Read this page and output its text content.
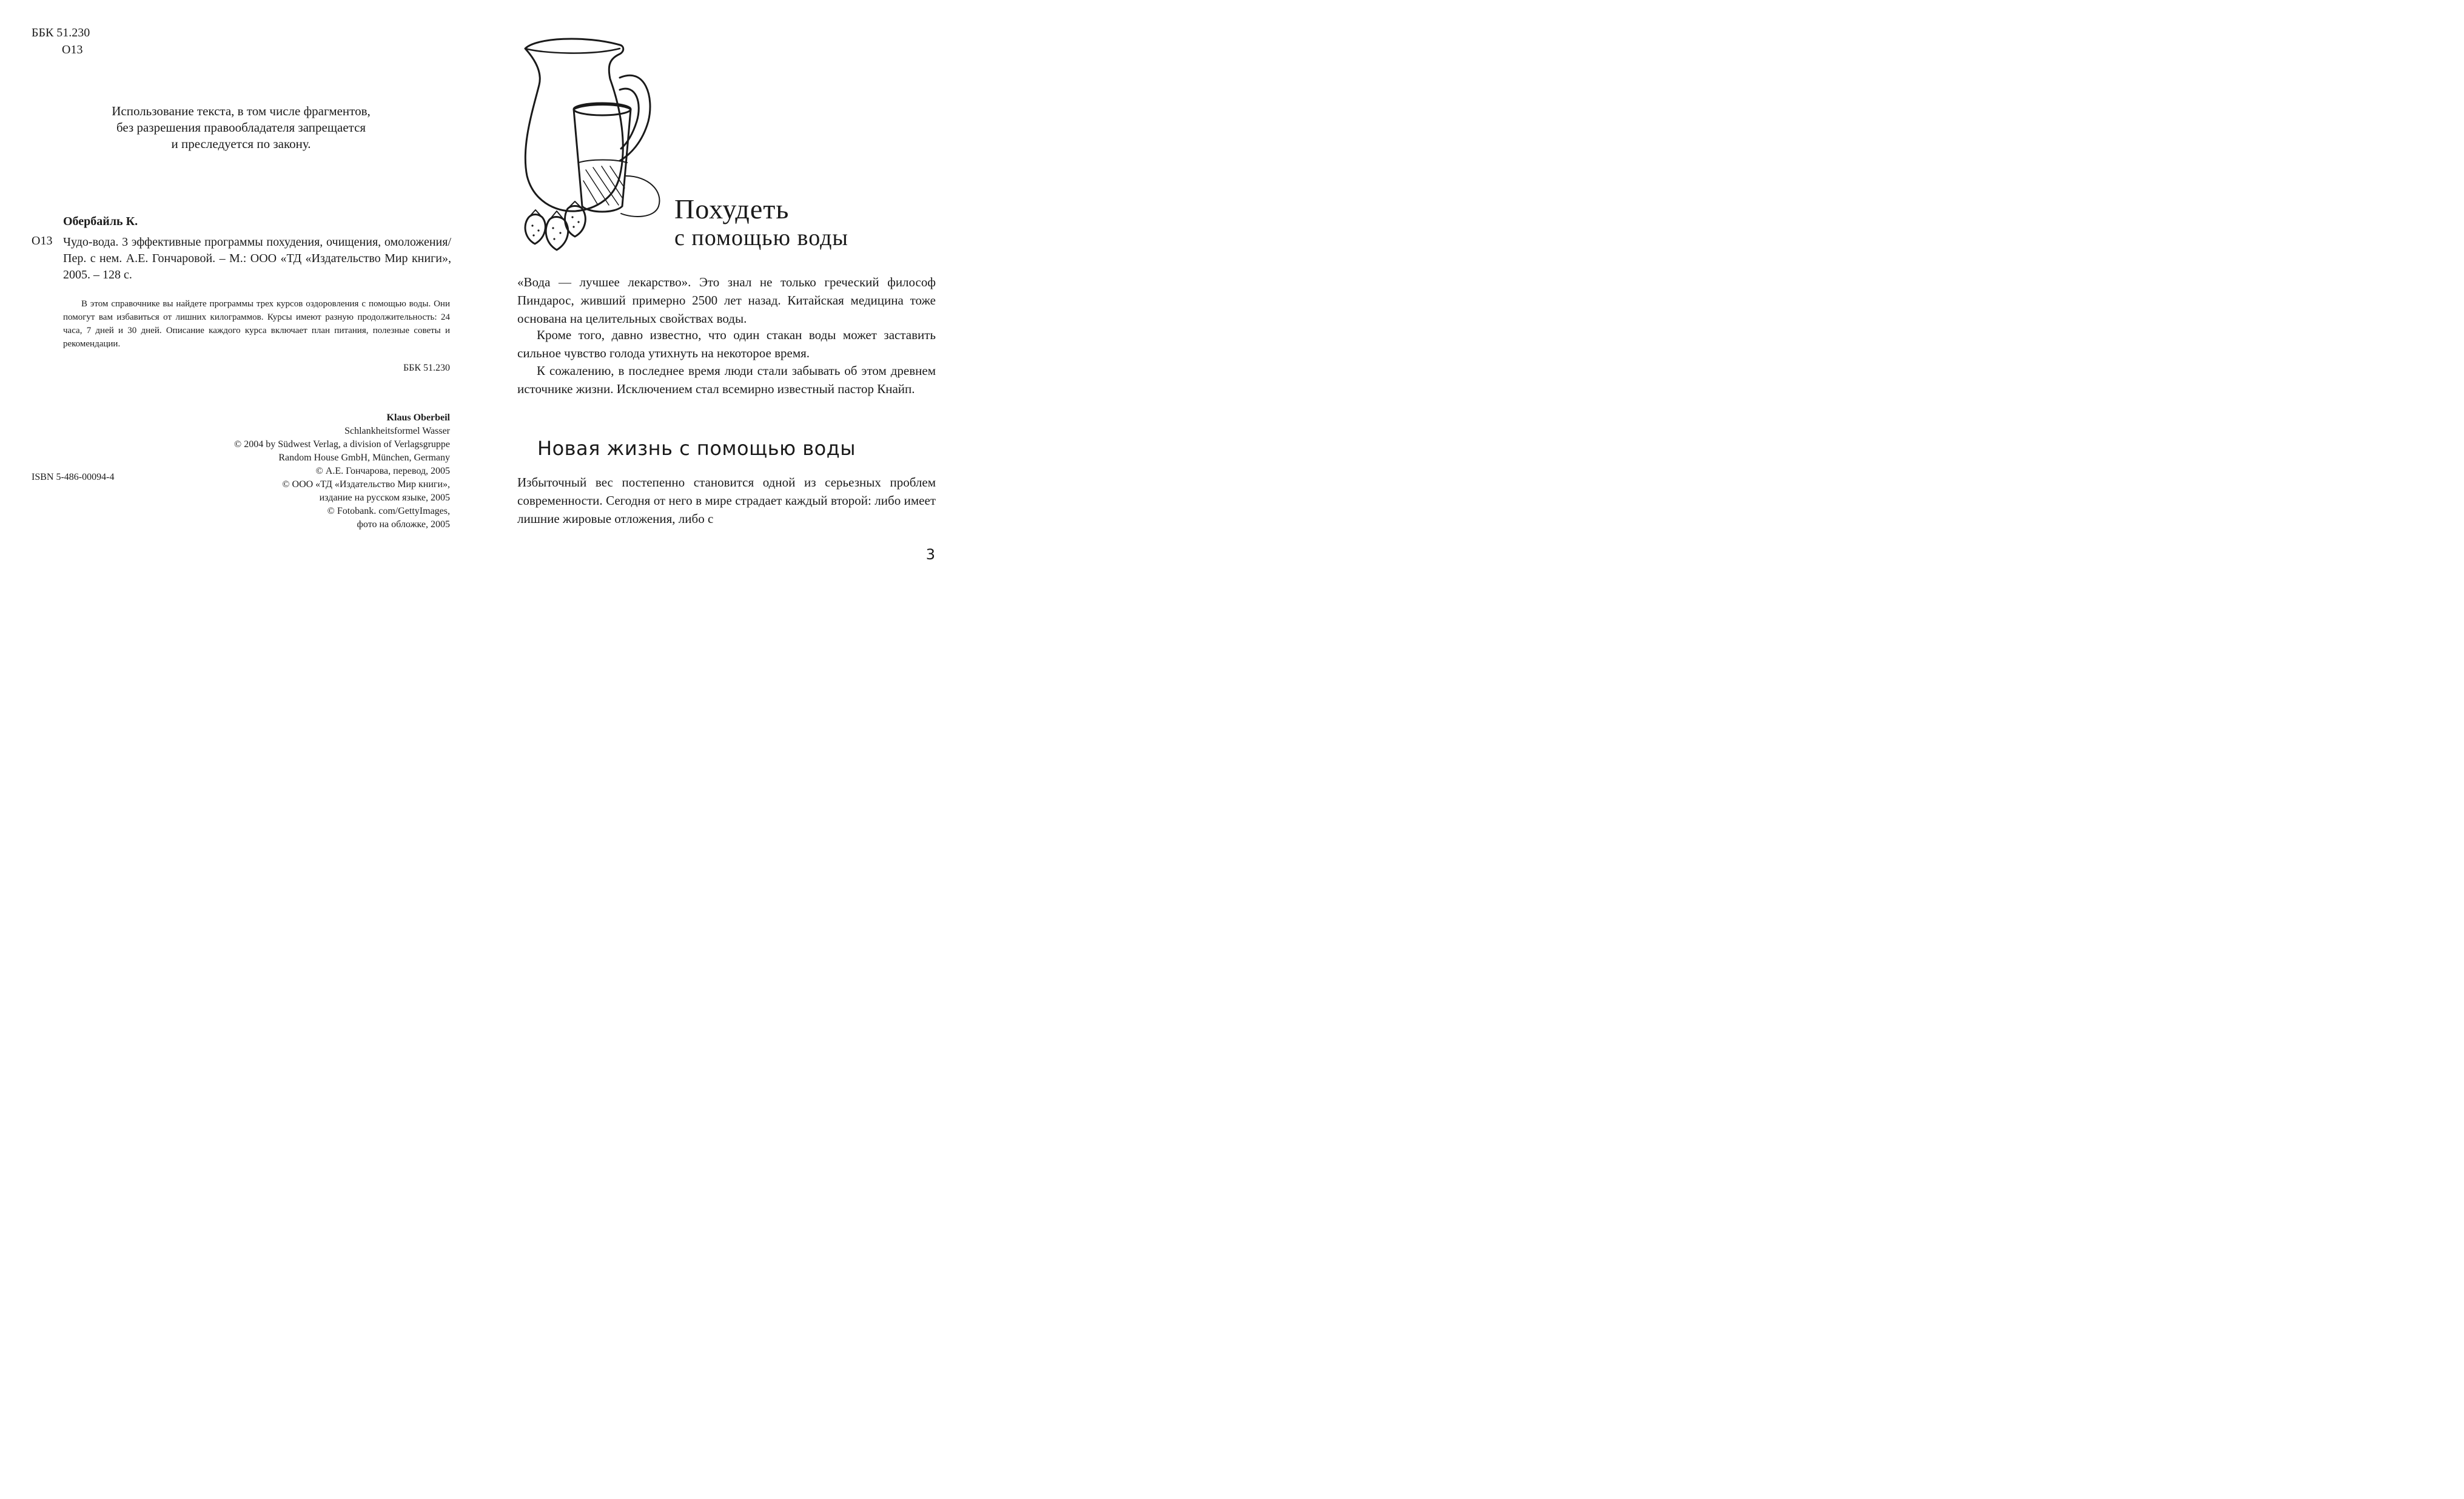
ББК 51.230
О13
Использование текста, в том числе фрагментов,
без разрешения правообладателя запрещается
и преследуется по закону.
Обербайль К.
О13 Чудо-вода. 3 эффективные программы похудения, очищения, омоложения/ Пер. с нем. А.Е. Гончаровой. – М.: ООО «ТД «Издательство Мир книги», 2005. – 128 с.
В этом справочнике вы найдете программы трех курсов оздоровления с помощью воды. Они помогут вам избавиться от лишних килограммов. Курсы имеют разную продолжительность: 24 часа, 7 дней и 30 дней. Описание каждого курса включает план питания, полезные советы и рекомендации.
ББК 51.230
Klaus Oberbeil
Schlankheitsformel Wasser
© 2004 by Südwest Verlag, a division of Verlagsgruppe
Random House GmbH, München, Germany
© А.Е. Гончарова, перевод, 2005
© ООО «ТД «Издательство Мир книги»,
издание на русском языке, 2005
© Fotobank. com/GettyImages,
фото на обложке, 2005
ISBN 5-486-00094-4
Похудеть
с помощью воды

«Вода — лучшее лекарство». Это знал не только греческий философ Пиндарос, живший примерно 2500 лет назад. Китайская медицина тоже основана на целительных свойствах воды.

Кроме того, давно известно, что один стакан воды может заставить сильное чувство голода утихнуть на некоторое время.

К сожалению, в последнее время люди стали забывать об этом древнем источнике жизни. Исключением стал всемирно известный пастор Кнайп.

Новая жизнь с помощью воды

Избыточный вес постепенно становится одной из серьезных проблем современности. Сегодня от него в мире страдает каждый второй: либо имеет лишние жировые отложения, либо с

3
